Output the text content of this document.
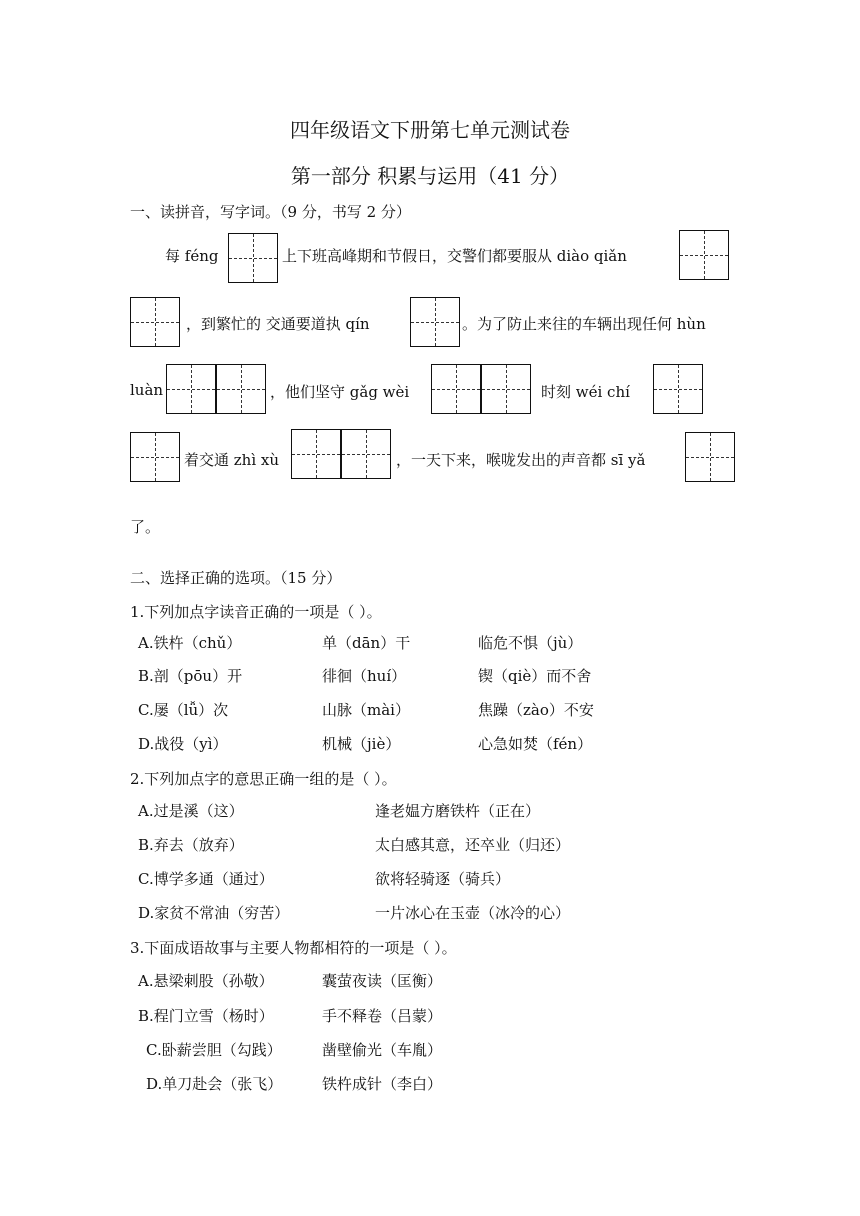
四年级语文下册第七单元测试卷
第一部分 积累与运用（41 分）
一、读拼音，写字词。（9 分，书写 2 分）
每 féng	上下班高峰期和节假日，交警们都要服从 diào qiǎn
，到繁忙的 交通要道执 qín	。为了防止来往的车辆出现任何 hùn
luàn	，他们坚守 gǎg wèi	时刻 wéi chí
着交通 zhì xù	，一天下来，喉咙发出的声音都 sī yǎ
了。
二、选择正确的选项。（15 分）
1.下列加点字读音正确的一项是（ ）。
A.铁杵（chǔ）	单（dān）干	临危不惧（jù）
B.剖（pōu）开	徘徊（huí）	锲（qiè）而不舍
C.屡（lǚ）次	山脉（mài）	焦躁（zào）不安
D.战役（yì）	机械（jiè）	心急如焚（fén）
2.下列加点字的意思正确一组的是（ ）。
A.过是溪（这）	逢老媪方磨铁杵（正在）
B.弃去（放弃）	太白感其意，还卒业（归还）
C.博学多通（通过）	欲将轻骑逐（骑兵）
D.家贫不常油（穷苦）	一片冰心在玉壶（冰冷的心）
3.下面成语故事与主要人物都相符的一项是（ ）。
A.悬梁刺股（孙敬）	囊萤夜读（匡衡）
B.程门立雪（杨时）	手不释卷（吕蒙）
C.卧薪尝胆（勾践）	凿壁偷光（车胤）
D.单刀赴会（张飞）	铁杵成针（李白）
